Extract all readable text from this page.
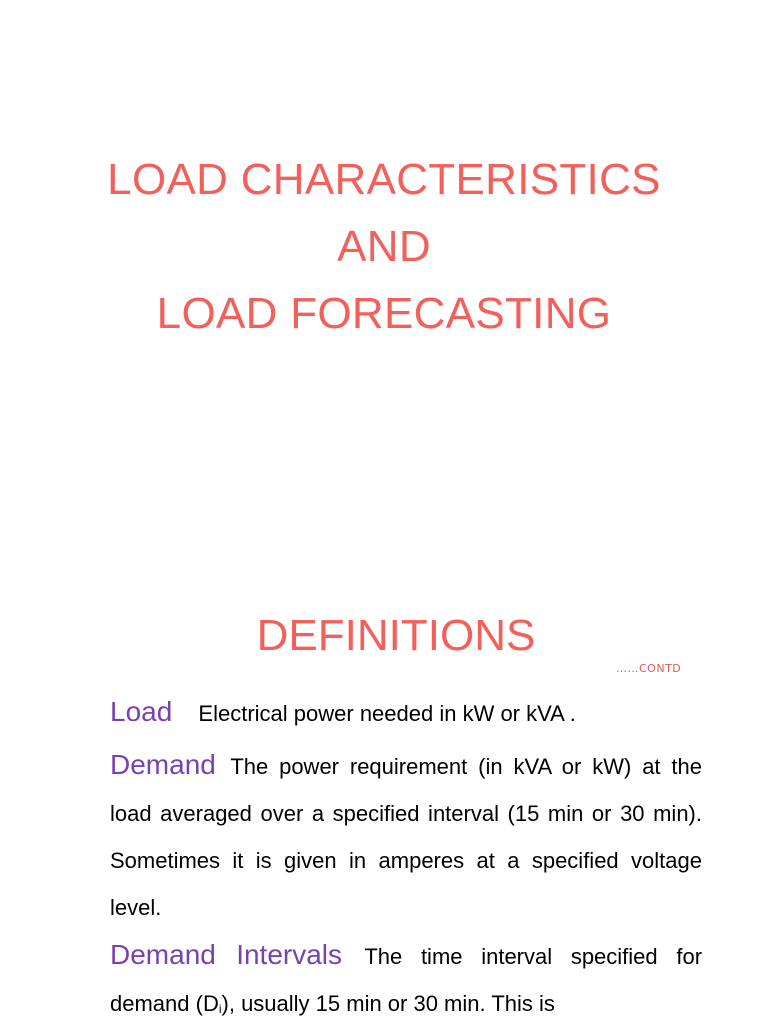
LOAD CHARACTERISTICS
AND
LOAD FORECASTING
DEFINITIONS
……CONTD
Load Electrical power needed in kW or kVA .
Demand The power requirement (in kVA or kW) at the load averaged over a specified interval (15 min or 30 min). Sometimes it is given in amperes at a specified voltage level.
Demand Intervals The time interval specified for demand (Di), usually 15 min or 30 min. This is
